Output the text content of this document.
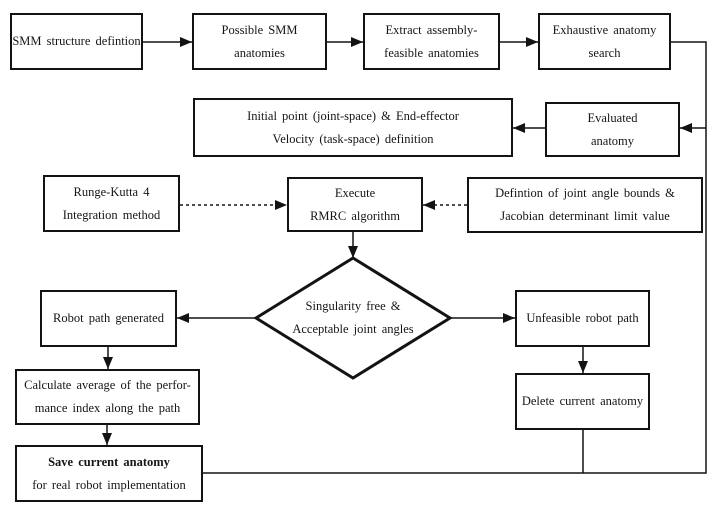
SMM structure defintion
Possible SMM
anatomies
Extract assembly-
feasible anatomies
Exhaustive anatomy
search
Initial point (joint-space) & End-effector
Velocity (task-space) definition
Evaluated
anatomy
Runge-Kutta 4
Integration method
Execute
RMRC algorithm
Defintion of joint angle bounds &
Jacobian determinant limit value
Singularity free &
Acceptable joint angles
Robot path generated	Unfeasible robot path
Calculate average of the perfor-
mance index along the path
Save current anatomy
for real robot implementation
Delete current anatomy
